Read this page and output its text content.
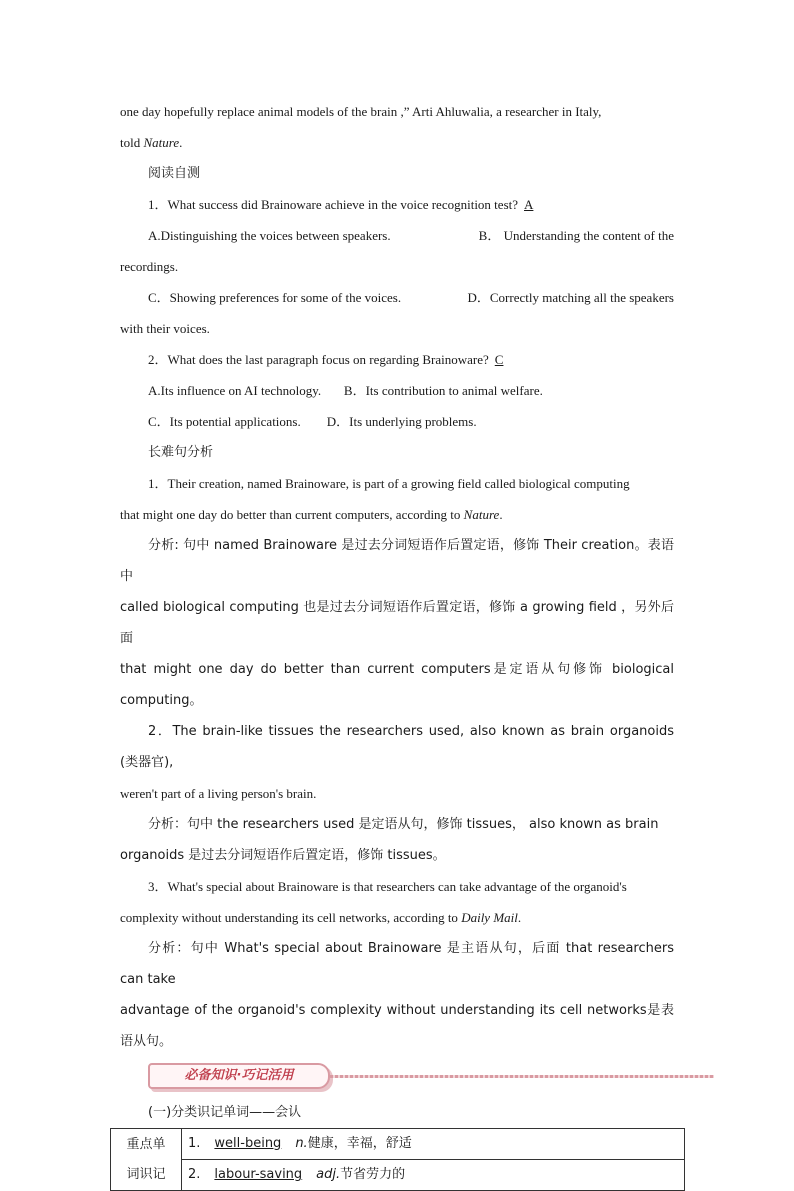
one day hopefully replace animal models of the brain ,” Arti Ahluwalia, a researcher in Italy,

told Nature.

阅读自测

1．What success did Brainoware achieve in the voice recognition test? A

A.Distinguishing the voices between speakers.	B． Understanding the content of the

recordings.

C．Showing preferences for some of the voices.	D．Correctly matching all the speakers

with their voices.

2．What does the last paragraph focus on regarding Brainoware? C

A.Its influence on AI technology. B．Its contribution to animal welfare.

C．Its potential applications. D．Its underlying problems.

长难句分析

1．Their creation, named Brainoware, is part of a growing field called biological computing

that might one day do better than current computers, according to Nature.

分析: 句中 named Brainoware 是过去分词短语作后置定语，修饰 Their creation。表语中

called biological computing 也是过去分词短语作后置定语，修饰 a growing field ，另外后面

that might one day do better than current computers是定语从句修饰 biological computing。

2．The brain-like tissues the researchers used, also known as brain organoids (类器官),

weren't part of a living person's brain.

分析：句中 the researchers used 是定语从句，修饰 tissues， also known as brain

organoids 是过去分词短语作后置定语，修饰 tissues。

3．What's special about Brainoware is that researchers can take advantage of the organoid's

complexity without understanding its cell networks, according to Daily Mail.

分析：句中 What's special about Brainoware 是主语从句，后面 that researchers can take

advantage of the organoid's complexity without understanding its cell networks是表语从句。

必备知识·巧记活用

(一)分类识记单词——会认

重点单
词识记
	1. well-being n.健康，幸福，舒适
2. labour-saving adj.节省劳力的
